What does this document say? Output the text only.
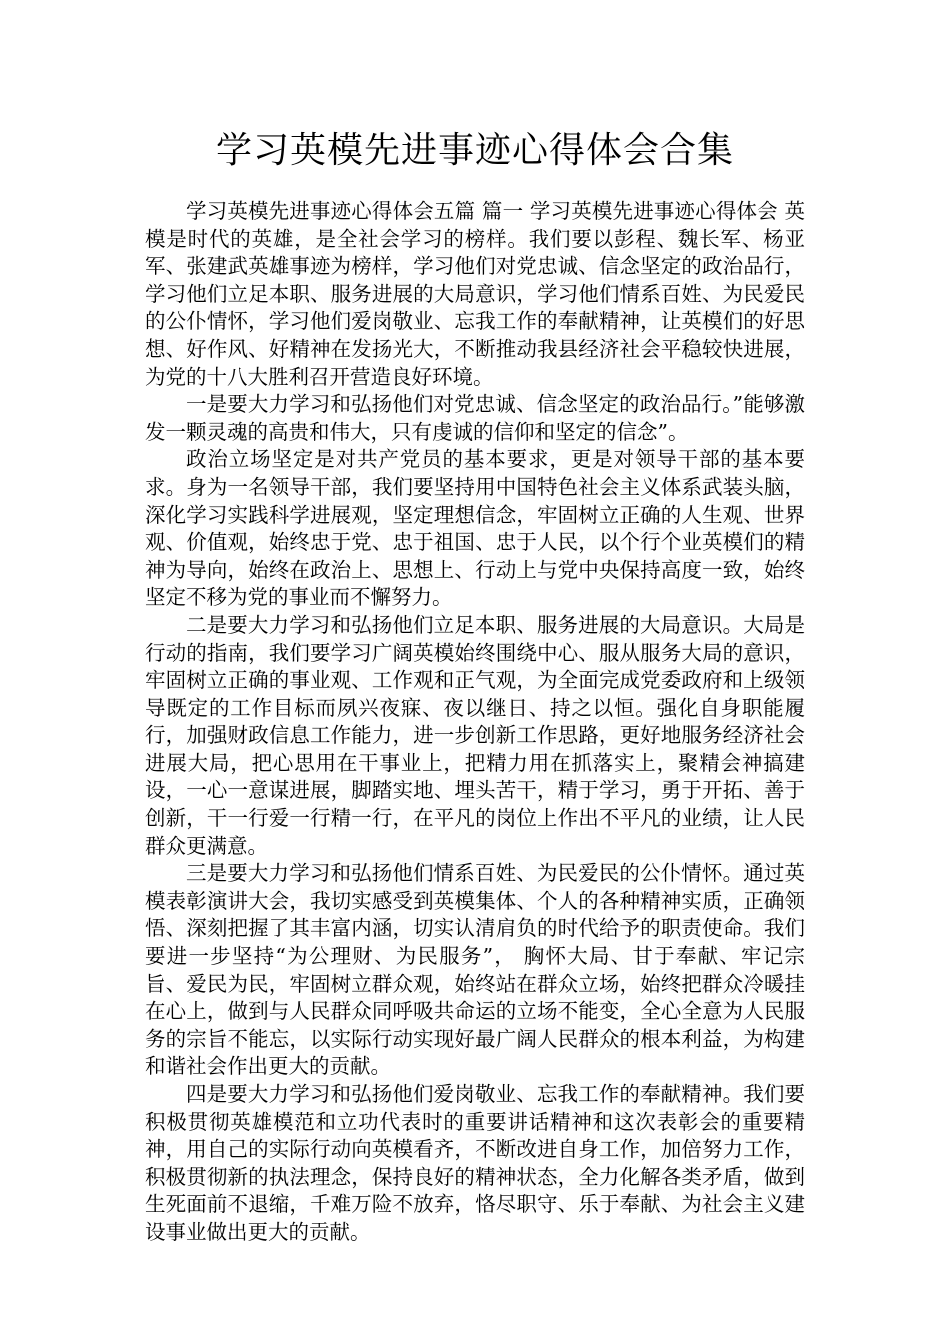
学习英模先进事迹心得体会合集

学习英模先进事迹心得体会五篇 篇一 学习英模先进事迹心得体会 英模是时代的英雄，是全社会学习的榜样。我们要以彭程、魏长军、杨亚军、张建武英雄事迹为榜样，学习他们对党忠诚、信念坚定的政治品行，学习他们立足本职、服务进展的大局意识，学习他们情系百姓、为民爱民的公仆情怀，学习他们爱岗敬业、忘我工作的奉献精神，让英模们的好思想、好作风、好精神在发扬光大，不断推动我县经济社会平稳较快进展，为党的十八大胜利召开营造良好环境。

一是要大力学习和弘扬他们对党忠诚、信念坚定的政治品行。”能够激发一颗灵魂的高贵和伟大，只有虔诚的信仰和坚定的信念”。

政治立场坚定是对共产党员的基本要求，更是对领导干部的基本要求。身为一名领导干部，我们要坚持用中国特色社会主义体系武装头脑，深化学习实践科学进展观，坚定理想信念，牢固树立正确的人生观、世界观、价值观，始终忠于党、忠于祖国、忠于人民，以个行个业英模们的精神为导向，始终在政治上、思想上、行动上与党中央保持高度一致，始终坚定不移为党的事业而不懈努力。

二是要大力学习和弘扬他们立足本职、服务进展的大局意识。大局是行动的指南，我们要学习广阔英模始终围绕中心、服从服务大局的意识，牢固树立正确的事业观、工作观和正气观，为全面完成党委政府和上级领导既定的工作目标而夙兴夜寐、夜以继日、持之以恒。强化自身职能履行，加强财政信息工作能力，进一步创新工作思路，更好地服务经济社会进展大局，把心思用在干事业上，把精力用在抓落实上，聚精会神搞建设，一心一意谋进展，脚踏实地、埋头苦干，精于学习，勇于开拓、善于创新，干一行爱一行精一行，在平凡的岗位上作出不平凡的业绩，让人民群众更满意。

三是要大力学习和弘扬他们情系百姓、为民爱民的公仆情怀。通过英模表彰演讲大会，我切实感受到英模集体、个人的各种精神实质，正确领悟、深刻把握了其丰富内涵，切实认清肩负的时代给予的职责使命。我们要进一步坚持“为公理财、为民服务”， 胸怀大局、甘于奉献、牢记宗旨、爱民为民，牢固树立群众观，始终站在群众立场，始终把群众冷暖挂在心上，做到与人民群众同呼吸共命运的立场不能变，全心全意为人民服务的宗旨不能忘，以实际行动实现好最广阔人民群众的根本利益，为构建和谐社会作出更大的贡献。

四是要大力学习和弘扬他们爱岗敬业、忘我工作的奉献精神。我们要积极贯彻英雄模范和立功代表时的重要讲话精神和这次表彰会的重要精神，用自己的实际行动向英模看齐，不断改进自身工作，加倍努力工作，积极贯彻新的执法理念，保持良好的精神状态，全力化解各类矛盾，做到生死面前不退缩，千难万险不放弃，恪尽职守、乐于奉献、为社会主义建设事业做出更大的贡献。
